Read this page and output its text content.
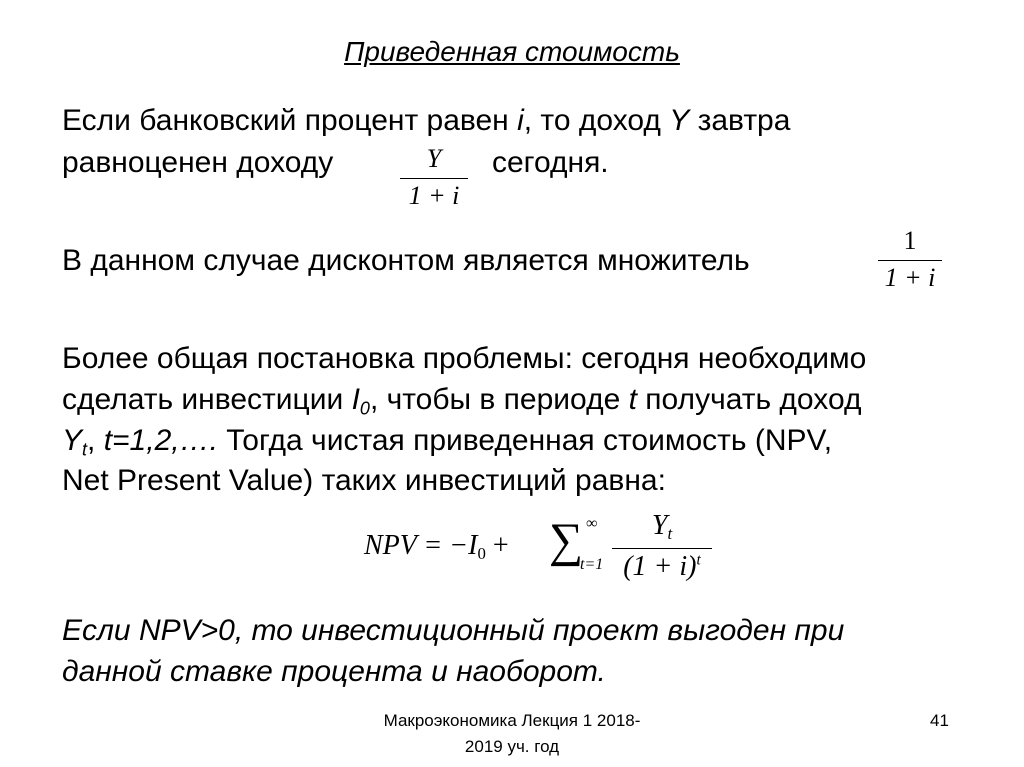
Приведенная стоимость
Если банковский процент равен i, то доход Y завтра
равноценен доходу	Y
1 + i
сегодня.
В данном случае дисконтом является множитель
1
1 + i
Более общая постановка проблемы: сегодня необходимо
сделать инвестиции $I_0$, чтобы в периоде t получать доход
$Y_t$, t=1,2,…. Тогда чистая приведенная стоимость (NPV,
Net Present Value) таких инвестиций равна:
NPV = $-I_0$ + ∑ ∞
t=1
$Y_t$
$(1 + i)^t$
Если NPV>0, то инвестиционный проект выгоден при
данной ставке процента и наоборот.
Макроэкономика Лекция 1 2018-
2019 уч. год
41
